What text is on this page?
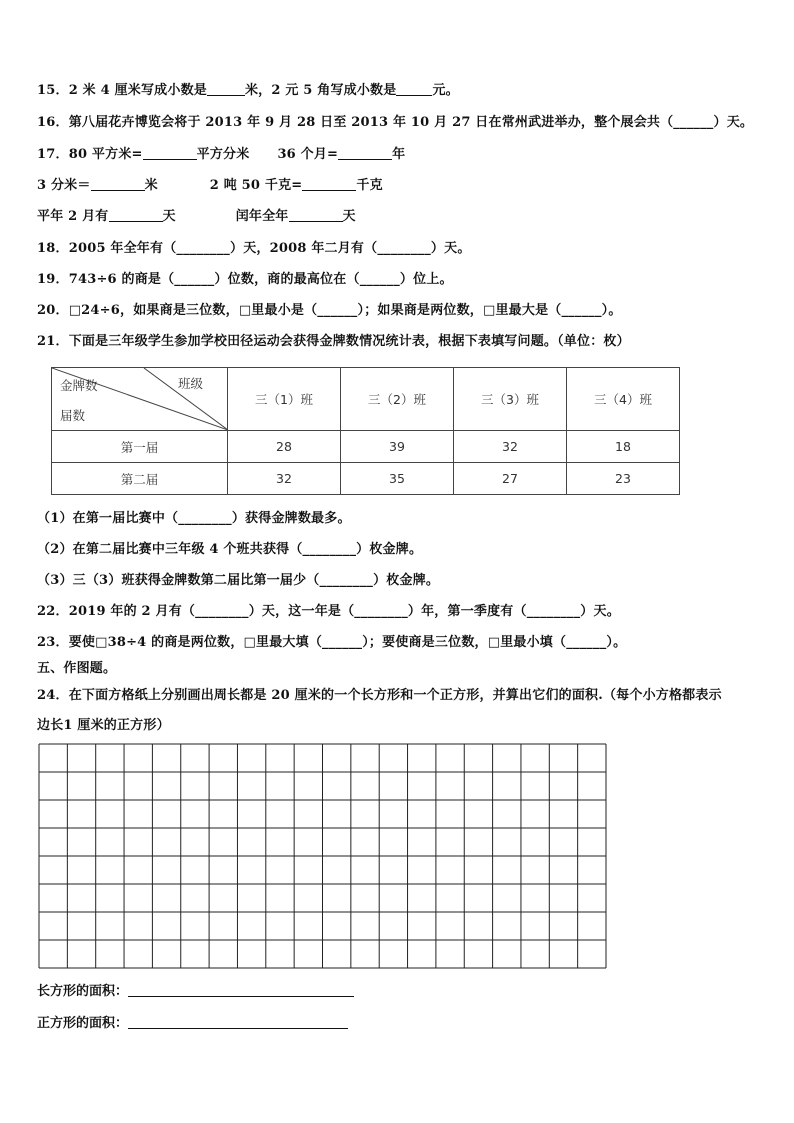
15．2 米 4 厘米写成小数是	米，2 元 5 角写成小数是	元。
16．第八届花卉博览会将于 2013 年 9 月 28 日至 2013 年 10 月 27 日在常州武进举办，整个展会共（______）天。
17．80 平方米=	平方分米 36 个月=	年
3 分米＝	米	2 吨 50 千克=	千克
平年 2 月有	天	闰年全年	天
18．2005 年全年有（________）天，2008 年二月有（________）天。
19．743÷6 的商是（______）位数，商的最高位在（______）位上。
20．□24÷6，如果商是三位数，□里最小是（______）；如果商是两位数，□里最大是（______）。
21．下面是三年级学生参加学校田径运动会获得金牌数情况统计表，根据下表填写问题。（单位：枚）
班级
金牌数
届数	三（1）班	三（2）班	三（3）班	三（4）班
第一届	28	39	32	18
第二届	32	35	27	23
（1）在第一届比赛中（________）获得金牌数最多。
（2）在第二届比赛中三年级 4 个班共获得（________）枚金牌。
（3）三（3）班获得金牌数第二届比第一届少（________）枚金牌。
22．2019 年的 2 月有（________）天，这一年是（________）年，第一季度有（________）天。
23．要使□38÷4 的商是两位数，□里最大填（______）；要使商是三位数，□里最小填（______）。
五、作图题。
24．在下面方格纸上分别画出周长都是 20 厘米的一个长方形和一个正方形，并算出它们的面积.（每个小方格都表示
边长1 厘米的正方形）
长方形的面积：
正方形的面积：
